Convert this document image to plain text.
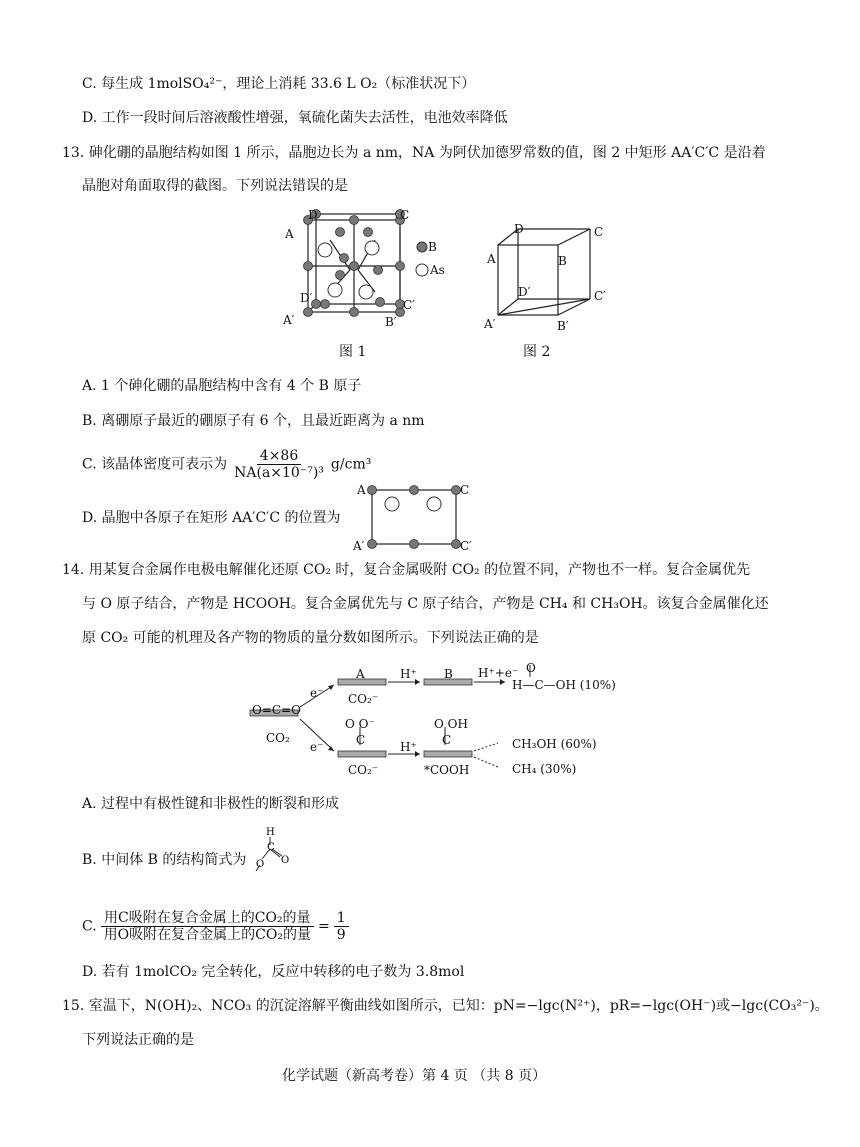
C. 每生成 1molSO₄²⁻，理论上消耗 33.6 L O₂（标准状况下）
D. 工作一段时间后溶液酸性增强，氧硫化菌失去活性，电池效率降低
13. 砷化硼的晶胞结构如图 1 所示，晶胞边长为 a nm，NA 为阿伏加德罗常数的值，图 2 中矩形 AA′C′C 是沿着
晶胞对角面取得的截图。下列说法错误的是
B
As
D	C
A
D′	C′
A′	B′
D	C
A	B
D′	C′
A′	B′
图 1	图 2
A. 1 个砷化硼的晶胞结构中含有 4 个 B 原子
B. 离硼原子最近的硼原子有 6 个，且最近距离为 a nm
C. 该晶体密度可表示为 $\frac{4\times 86}{\text{NA(a×10⁻⁷)³}} g/cm^3$
D. 晶胞中各原子在矩形 AA′C′C 的位置为
A	C
A′	C′
14. 用某复合金属作电极电解催化还原 CO₂ 时，复合金属吸附 CO₂ 的位置不同，产物也不一样。复合金属优先
与 O 原子结合，产物是 HCOOH。复合金属优先与 C 原子结合，产物是 CH₄ 和 CH₃OH。该复合金属催化还
原 CO₂ 可能的机理及各产物的物质的量分数如图所示。下列说法正确的是
O=C=O
CO₂
e⁻
e⁻
A
CO₂⁻
H⁺ B H⁺+e⁻ O
H—C—OH (10%)
O O⁻
C
CO₂⁻
H⁺
O OH
C
*COOH
CH₃OH (60%)
CH₄ (30%)
A. 过程中有极性键和非极性的断裂和形成
B. 中间体 B 的结构简式为
H
C
O O
C. $\frac{\text{用C吸附在复合金属上的CO₂的量}}{\text{用O吸附在复合金属上的CO₂的量}} = \frac{1}{9}$
D. 若有 1molCO₂ 完全转化，反应中转移的电子数为 3.8mol
15. 室温下，N(OH)₂、NCO₃ 的沉淀溶解平衡曲线如图所示，已知：pN=−lgc(N²⁺)，pR=−lgc(OH⁻)或−lgc(CO₃²⁻)。
下列说法正确的是
化学试题（新高考卷）第 4 页 （共 8 页）
